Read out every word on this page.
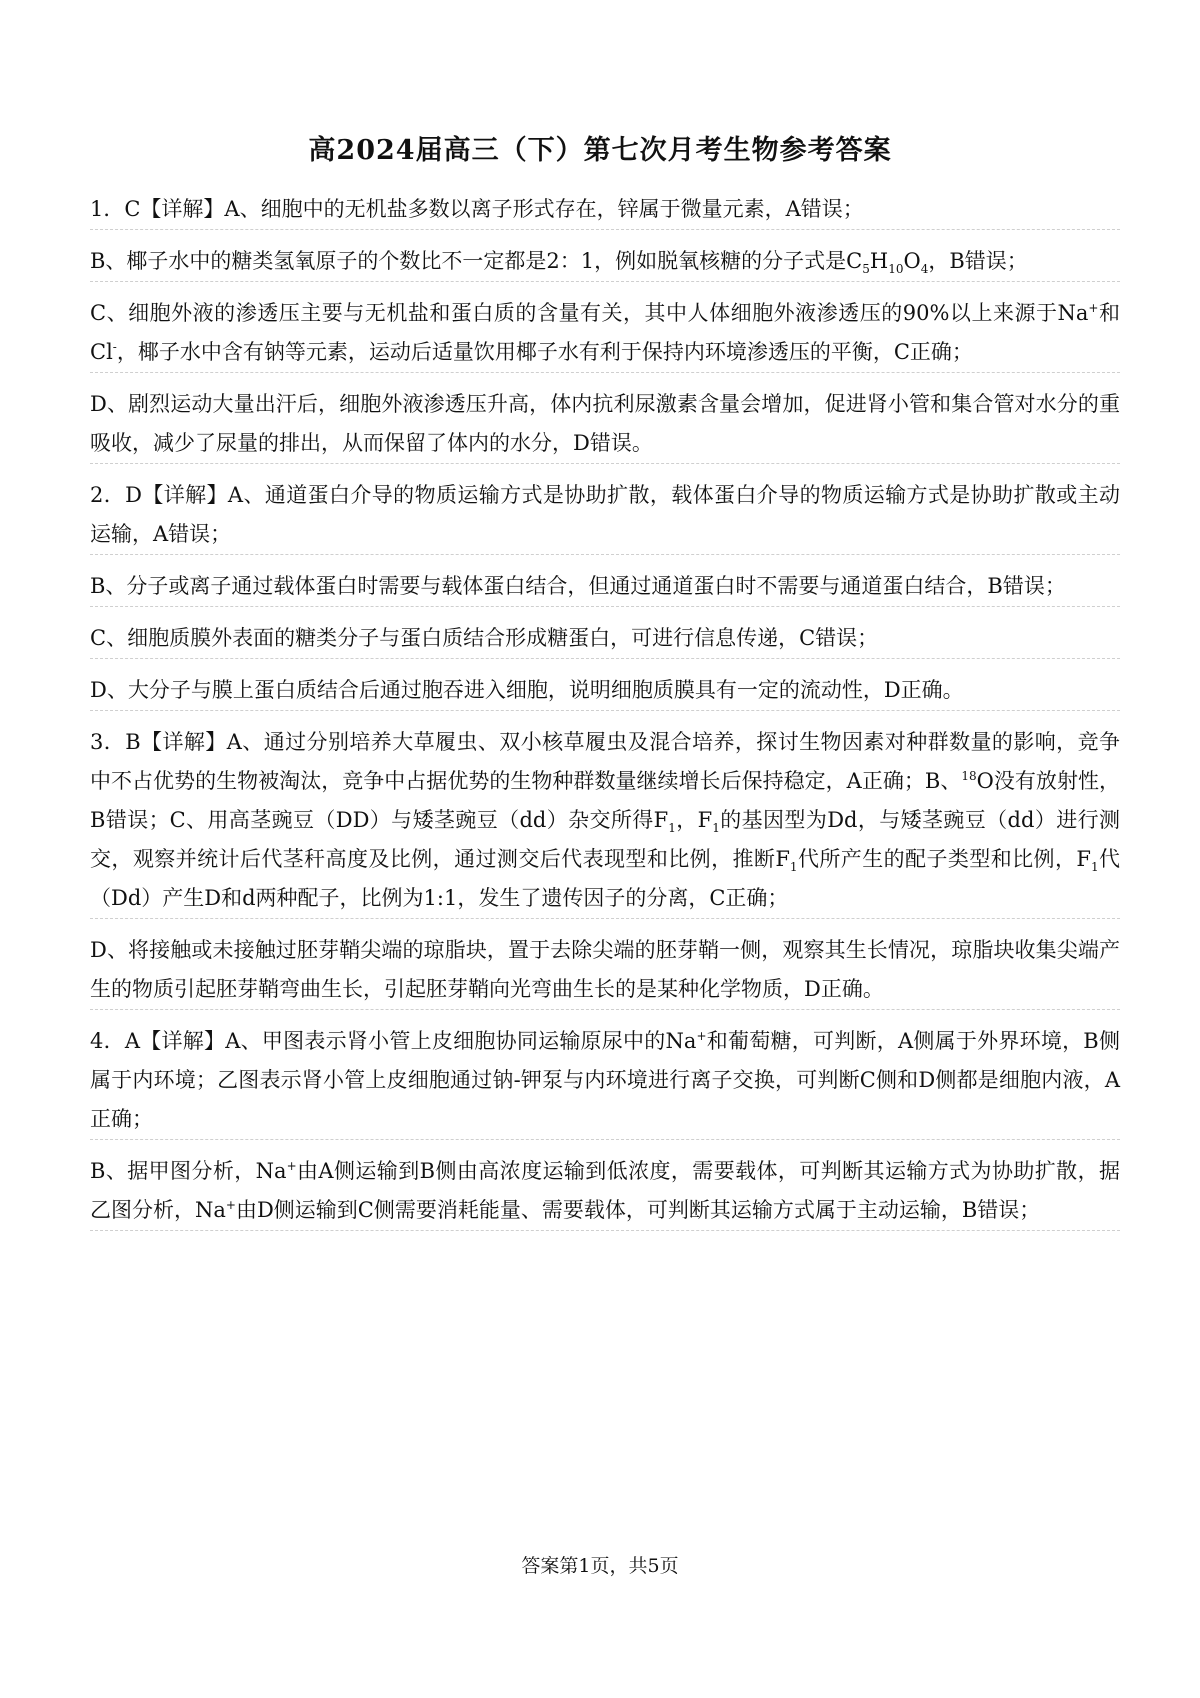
高2024届高三（下）第七次月考生物参考答案

1．C【详解】A、细胞中的无机盐多数以离子形式存在，锌属于微量元素，A错误；

B、椰子水中的糖类氢氧原子的个数比不一定都是2：1，例如脱氧核糖的分子式是$C_5H_{10}O_4$，B错误；

C、细胞外液的渗透压主要与无机盐和蛋白质的含量有关，其中人体细胞外液渗透压的90%以上来源于Na+和Cl-，椰子水中含有钠等元素，运动后适量饮用椰子水有利于保持内环境渗透压的平衡，C正确；

D、剧烈运动大量出汗后，细胞外液渗透压升高，体内抗利尿激素含量会增加，促进肾小管和集合管对水分的重吸收，减少了尿量的排出，从而保留了体内的水分，D错误。

2．D【详解】A、通道蛋白介导的物质运输方式是协助扩散，载体蛋白介导的物质运输方式是协助扩散或主动运输，A错误；

B、分子或离子通过载体蛋白时需要与载体蛋白结合，但通过通道蛋白时不需要与通道蛋白结合，B错误；

C、细胞质膜外表面的糖类分子与蛋白质结合形成糖蛋白，可进行信息传递，C错误；

D、大分子与膜上蛋白质结合后通过胞吞进入细胞，说明细胞质膜具有一定的流动性，D正确。

3．B【详解】A、通过分别培养大草履虫、双小核草履虫及混合培养，探讨生物因素对种群数量的影响，竞争中不占优势的生物被淘汰，竞争中占据优势的生物种群数量继续增长后保持稳定，A正确；B、$^{18}$O没有放射性，B错误；C、用高茎豌豆（DD）与矮茎豌豆（dd）杂交所得$F_1$，$F_1$的基因型为Dd，与矮茎豌豆（dd）进行测交，观察并统计后代茎秆高度及比例，通过测交后代表现型和比例，推断$F_1$代所产生的配子类型和比例，$F_1$代（Dd）产生D和d两种配子，比例为1:1，发生了遗传因子的分离，C正确；

D、将接触或未接触过胚芽鞘尖端的琼脂块，置于去除尖端的胚芽鞘一侧，观察其生长情况，琼脂块收集尖端产生的物质引起胚芽鞘弯曲生长，引起胚芽鞘向光弯曲生长的是某种化学物质，D正确。

4．A【详解】A、甲图表示肾小管上皮细胞协同运输原尿中的Na+和葡萄糖，可判断，A侧属于外界环境，B侧属于内环境；乙图表示肾小管上皮细胞通过钠-钾泵与内环境进行离子交换，可判断C侧和D侧都是细胞内液，A正确；

B、据甲图分析，Na+由A侧运输到B侧由高浓度运输到低浓度，需要载体，可判断其运输方式为协助扩散，据乙图分析，Na+由D侧运输到C侧需要消耗能量、需要载体，可判断其运输方式属于主动运输，B错误；

答案第1页，共5页
